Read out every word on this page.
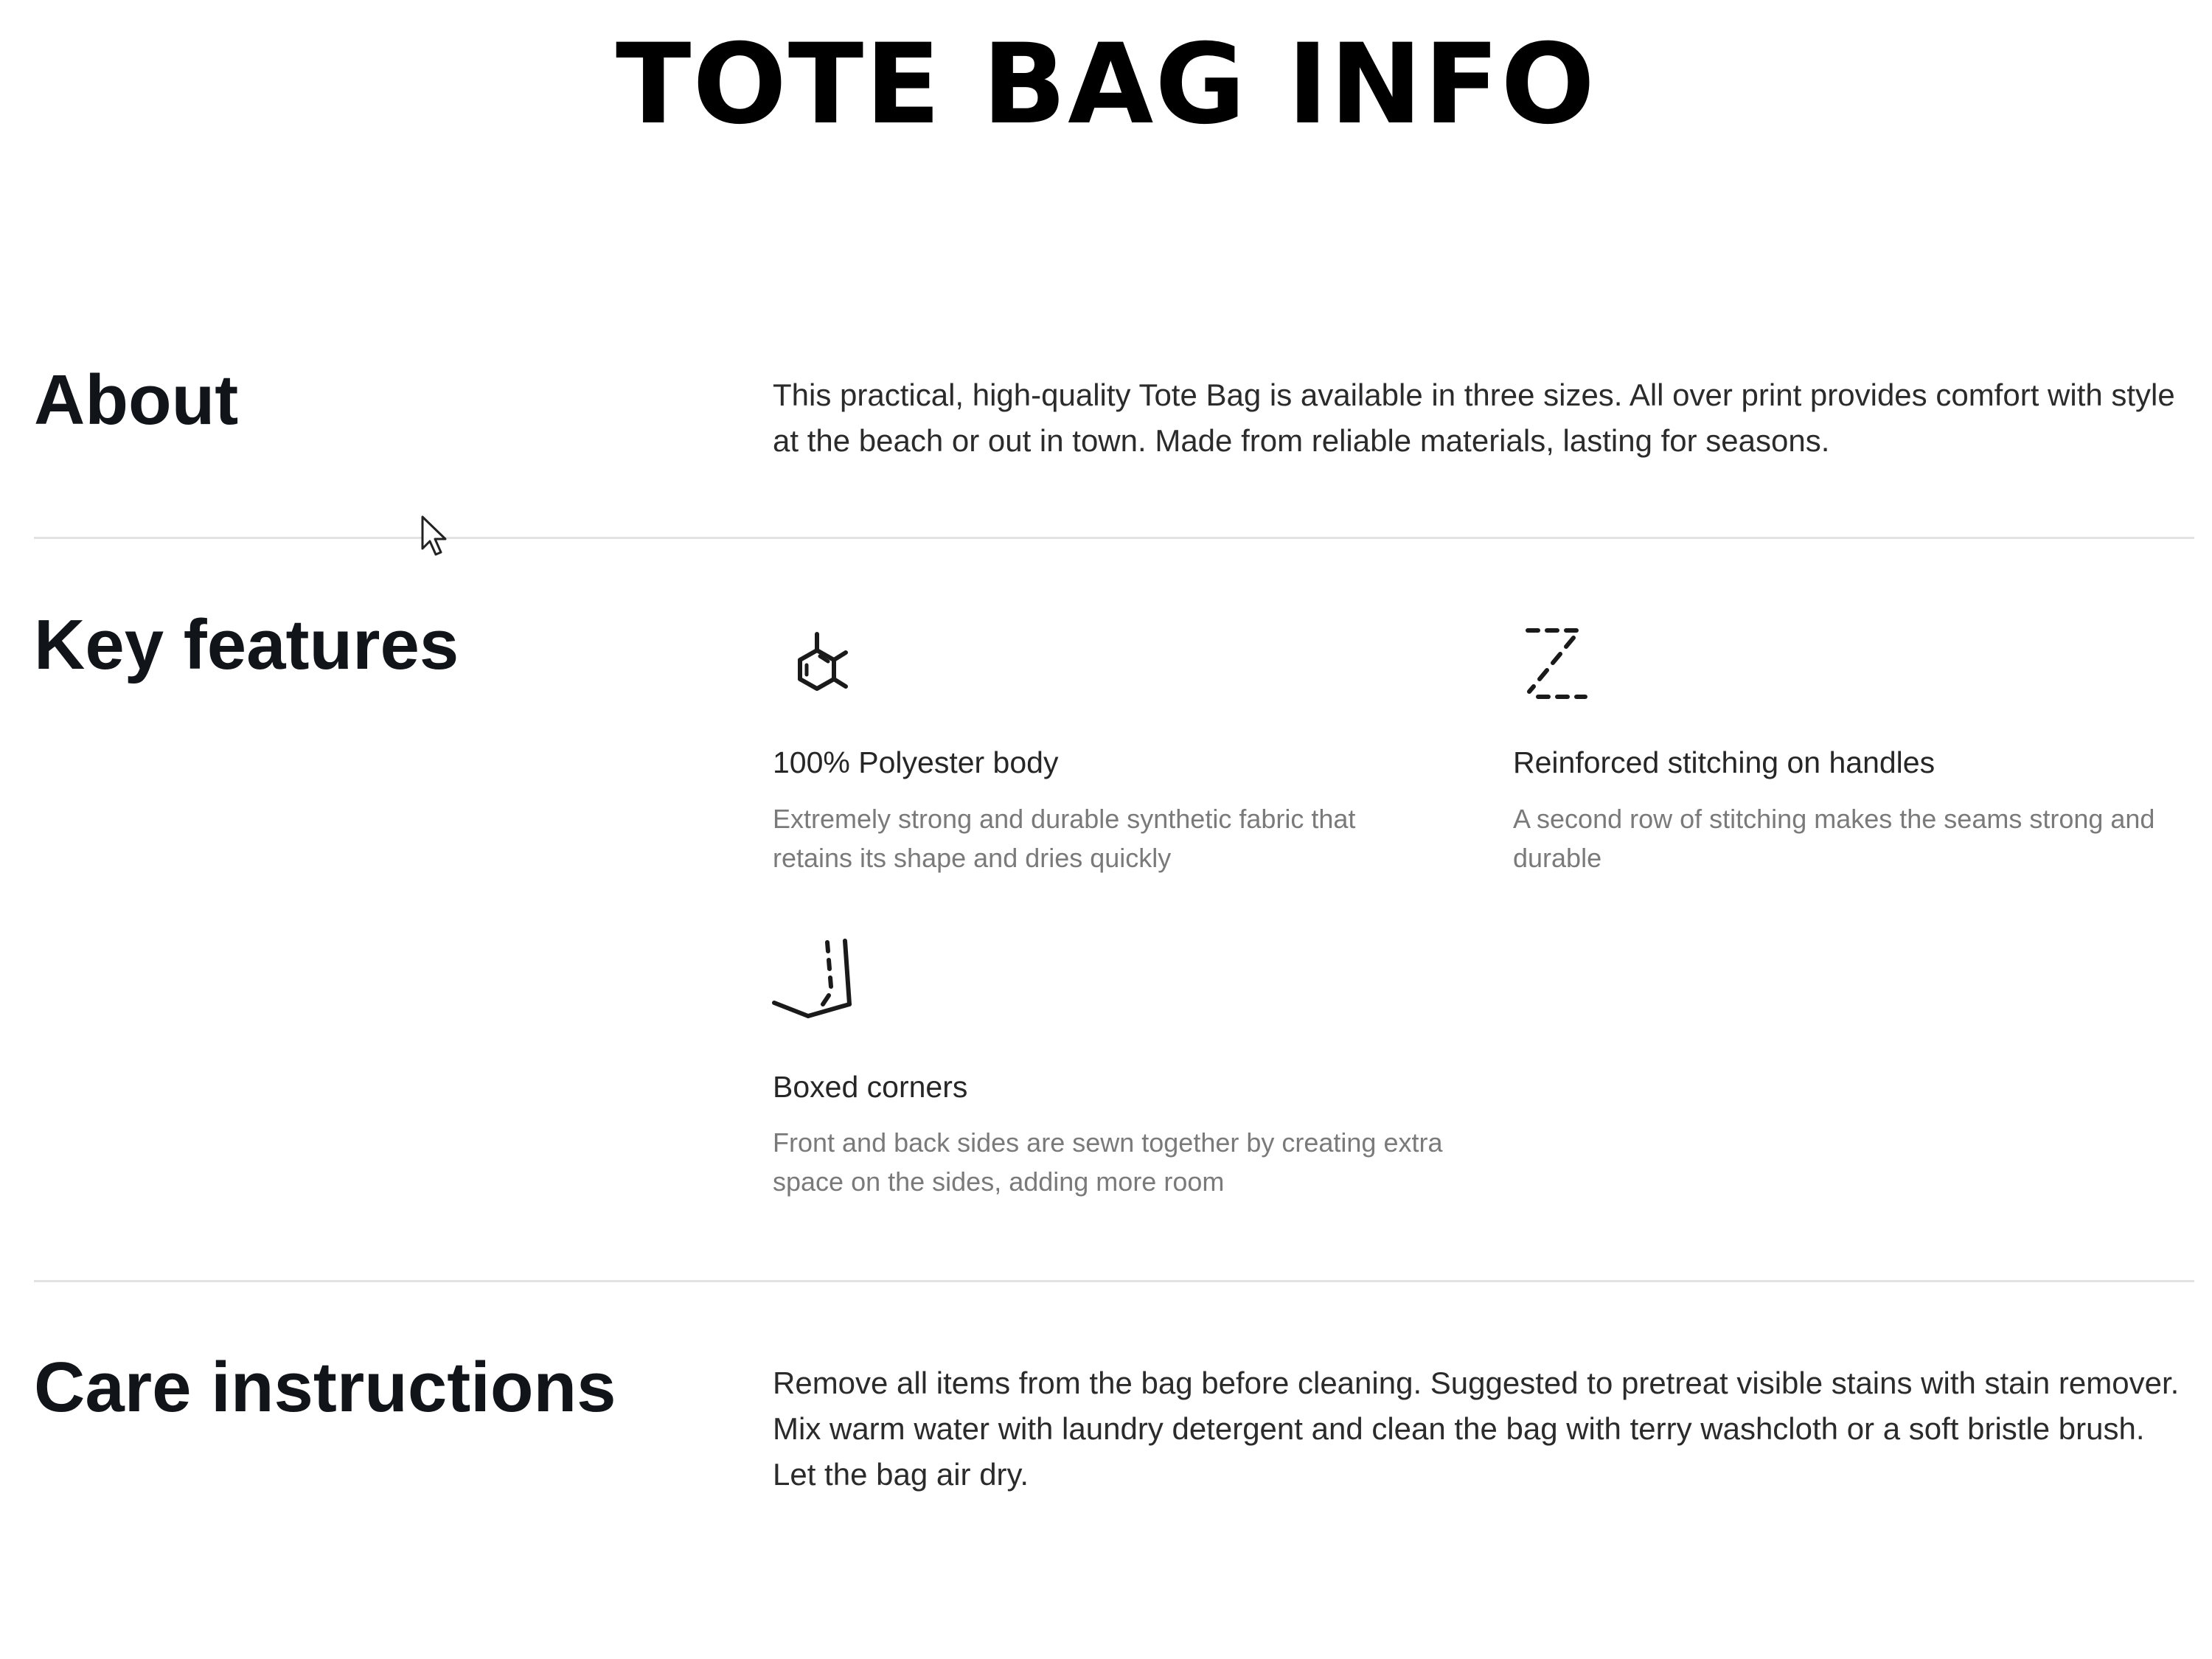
TOTE BAG INFO
About	This practical, high-quality Tote Bag is available in three sizes. All over print provides comfort with style at the beach or out in town. Made from reliable materials, lasting for seasons.
Key features
100% Polyester body
Extremely strong and durable synthetic fabric that retains its shape and dries quickly
Reinforced stitching on handles
A second row of stitching makes the seams strong and durable
Boxed corners
Front and back sides are sewn together by creating extra space on the sides, adding more room
Care instructions	Remove all items from the bag before cleaning. Suggested to pretreat visible stains with stain remover. Mix warm water with laundry detergent and clean the bag with terry washcloth or a soft bristle brush. Let the bag air dry.
